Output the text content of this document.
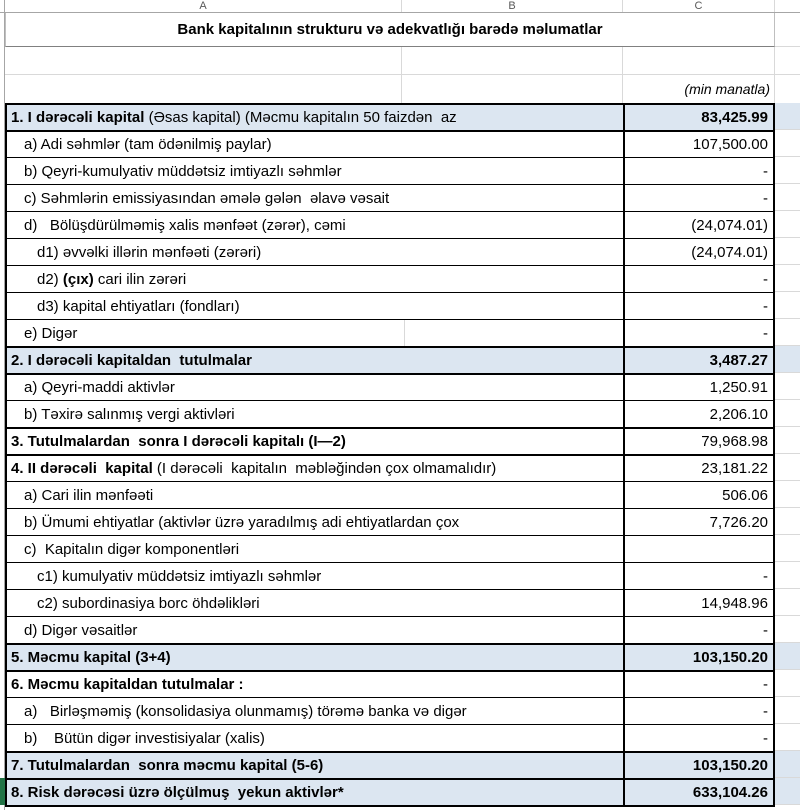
A	B	C
Bank kapitalının strukturu və adekvatlığı barədə məlumatlar
(min manatla)
1. I dərəcəli kapital (Əsas kapital) (Məcmu kapitalın 50 faizdən  az	83,425.99
a) Adi səhmlər (tam ödənilmiş paylar)	107,500.00
b) Qeyri-kumulyativ müddətsiz imtiyazlı səhmlər	-
c) Səhmlərin emissiyasından əmələ gələn  əlavə vəsait	-
d)   Bölüşdürülməmiş xalis mənfəət (zərər), cəmi	(24,074.01)
d1) əvvəlki illərin mənfəəti (zərəri)	(24,074.01)
d2) (çıx) cari ilin zərəri	-
d3) kapital ehtiyatları (fondları)	-
e) Digər	-
2. I dərəcəli kapitaldan  tutulmalar	3,487.27
a) Qeyri-maddi aktivlər	1,250.91
b) Təxirə salınmış vergi aktivləri	2,206.10
3. Tutulmalardan  sonra I dərəcəli kapitalı (I—2)	79,968.98
4. II dərəcəli  kapital (I dərəcəli  kapitalın  məbləğindən çox olmamalıdır)	23,181.22
a) Cari ilin mənfəəti	506.06
b) Ümumi ehtiyatlar (aktivlər üzrə yaradılmış adi ehtiyatlardan çox	7,726.20
c)  Kapitalın digər komponentləri
c1) kumulyativ müddətsiz imtiyazlı səhmlər	-
c2) subordinasiya borc öhdəlikləri	14,948.96
d) Digər vəsaitlər	-
5. Məcmu kapital (3+4)	103,150.20
6. Məcmu kapitaldan tutulmalar :	-
a)   Birləşməmiş (konsolidasiya olunmamış) törəmə banka və digər	-
b)    Bütün digər investisiyalar (xalis)	-
7. Tutulmalardan  sonra məcmu kapital (5-6)	103,150.20
8. Risk dərəcəsi üzrə ölçülmuş  yekun aktivlər*	633,104.26
